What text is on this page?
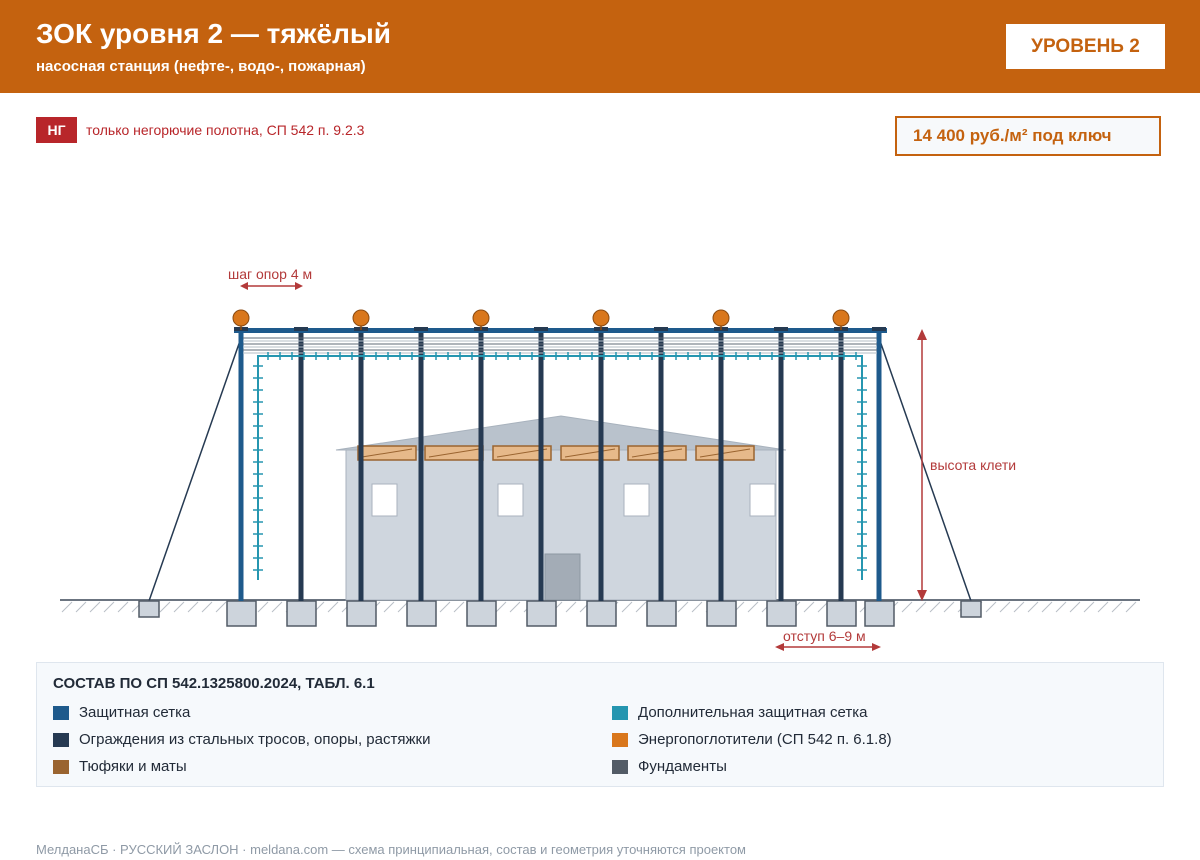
ЗОК уровня 2 — тяжёлый
насосная станция (нефте-, водо-, пожарная)
УРОВЕНЬ 2
НГ	только негорючие полотна, СП 542 п. 9.2.3	14 400 руб./м² под ключ
шаг опор 4 м
высота клети
отступ 6–9 м
СОСТАВ ПО СП 542.1325800.2024, ТАБЛ. 6.1
Защитная сетка	Дополнительная защитная сетка
Ограждения из стальных тросов, опоры, растяжки	Энергопоглотители (СП 542 п. 6.1.8)
Тюфяки и маты	Фундаменты
МелданаСБ · РУССКИЙ ЗАСЛОН · meldana.com — схема принципиальная, состав и геометрия уточняются проектом
